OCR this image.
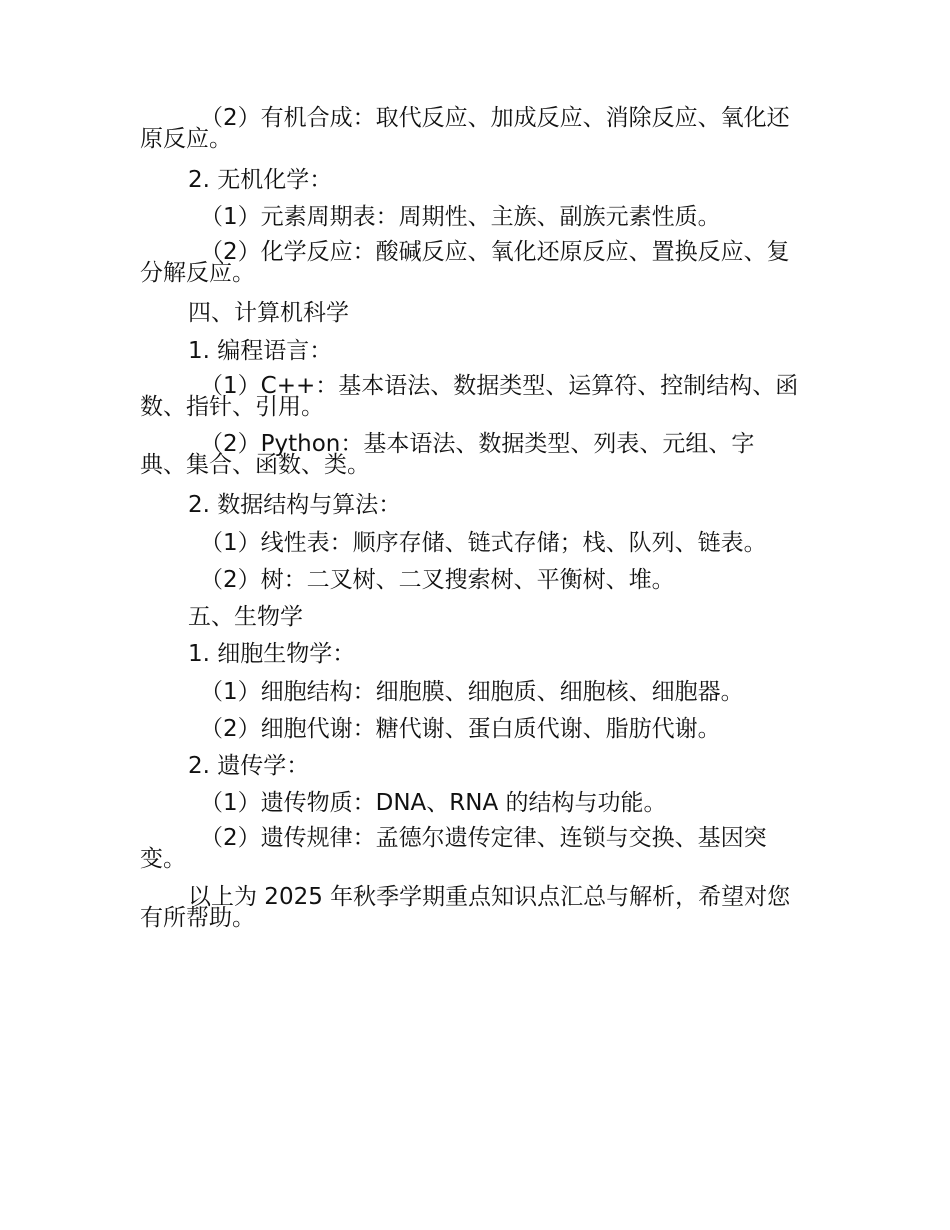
（2）有机合成：取代反应、加成反应、消除反应、氧化还原反应。
2. 无机化学：
（1）元素周期表：周期性、主族、副族元素性质。
（2）化学反应：酸碱反应、氧化还原反应、置换反应、复分解反应。
四、计算机科学
1. 编程语言：
（1）C++：基本语法、数据类型、运算符、控制结构、函数、指针、引用。
（2）Python：基本语法、数据类型、列表、元组、字典、集合、函数、类。
2. 数据结构与算法：
（1）线性表：顺序存储、链式存储；栈、队列、链表。
（2）树：二叉树、二叉搜索树、平衡树、堆。
五、生物学
1. 细胞生物学：
（1）细胞结构：细胞膜、细胞质、细胞核、细胞器。
（2）细胞代谢：糖代谢、蛋白质代谢、脂肪代谢。
2. 遗传学：
（1）遗传物质：DNA、RNA 的结构与功能。
（2）遗传规律：孟德尔遗传定律、连锁与交换、基因突变。
以上为 2025 年秋季学期重点知识点汇总与解析，希望对您有所帮助。
